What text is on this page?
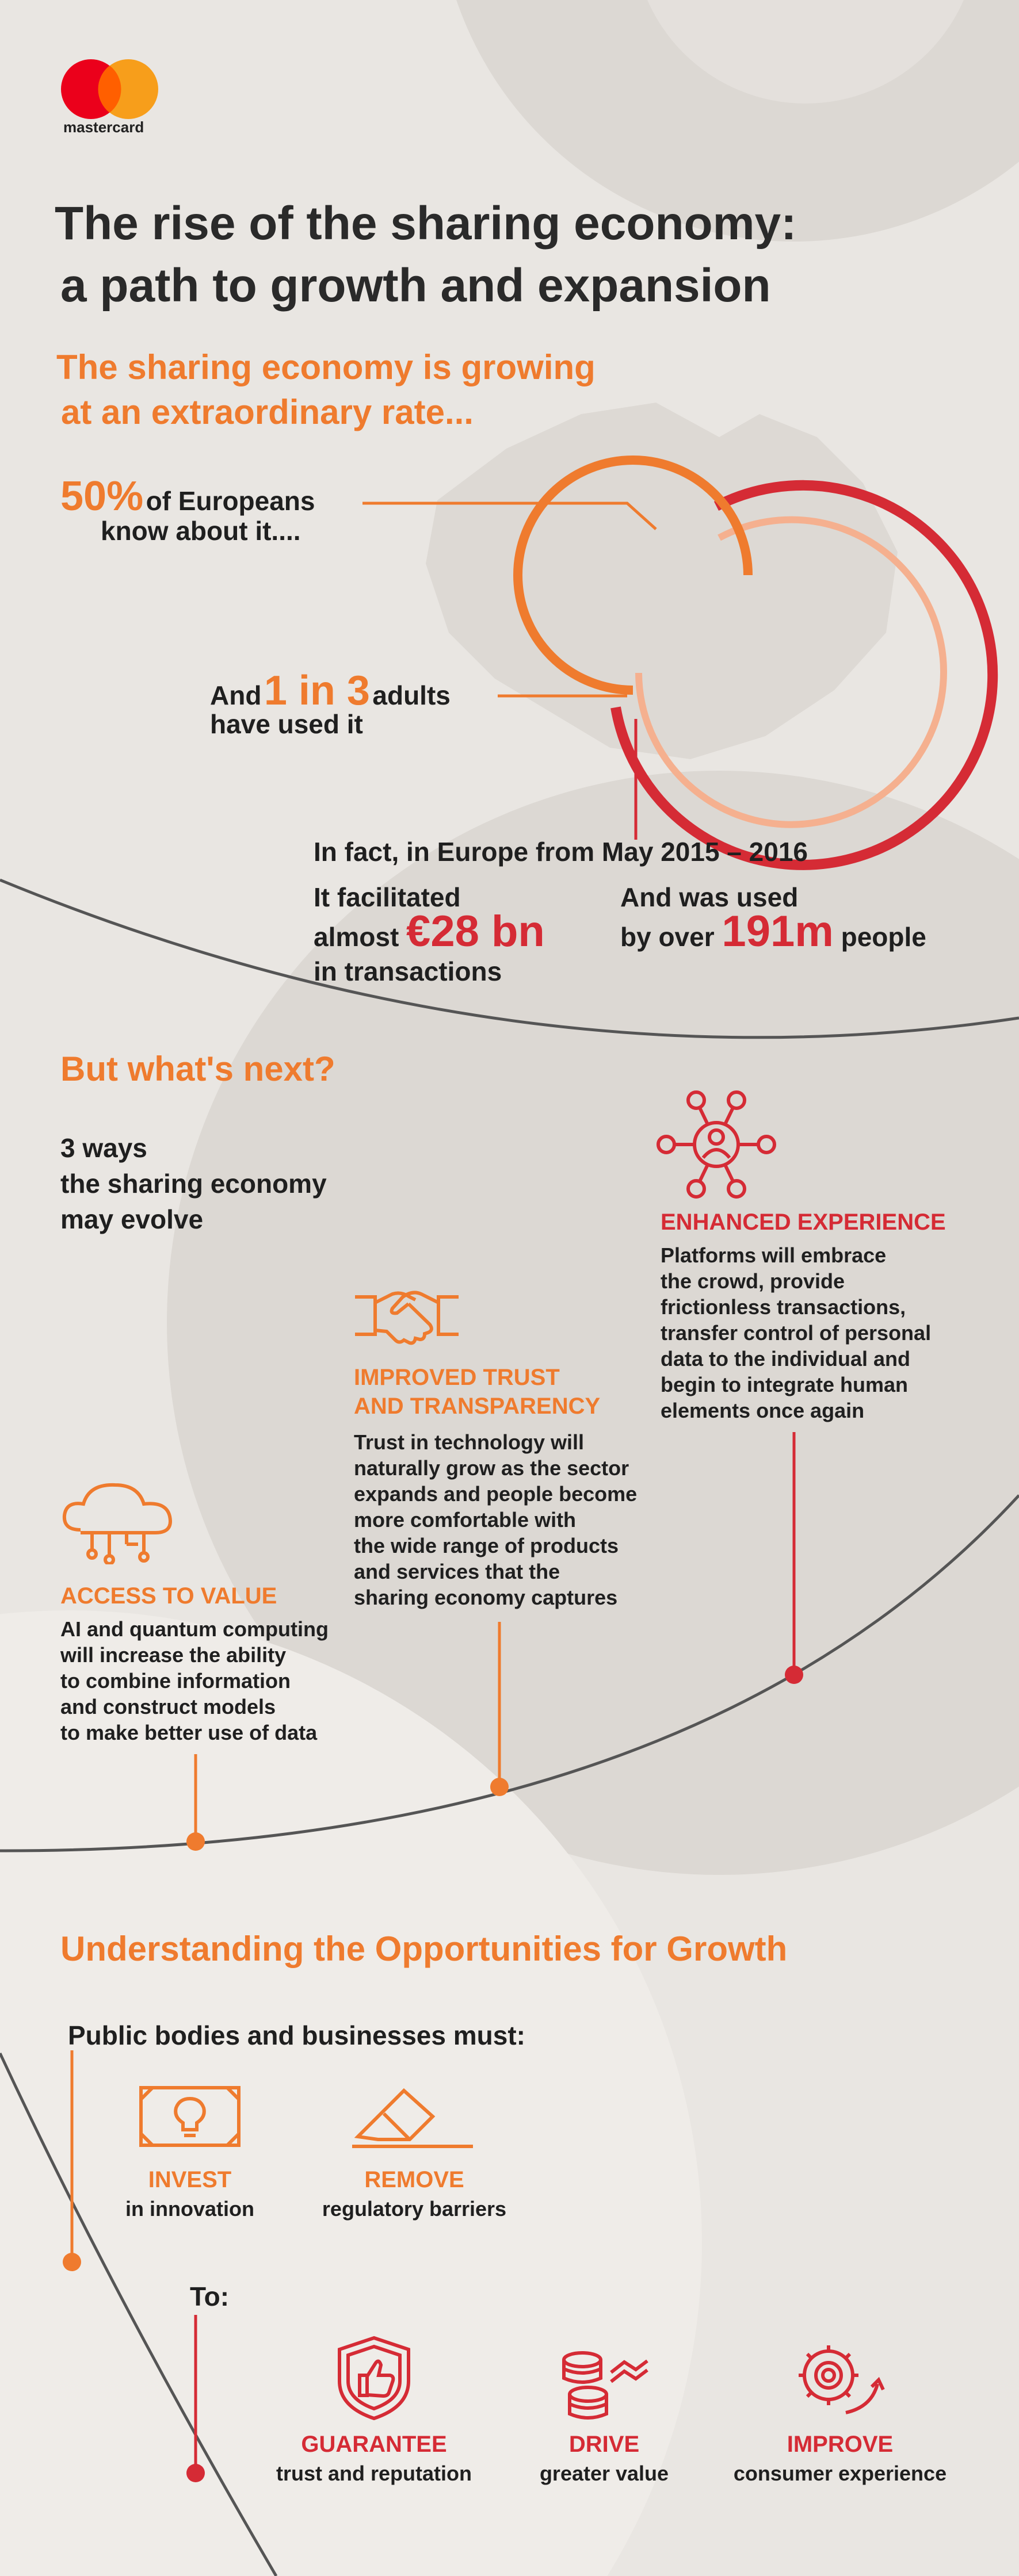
mastercard
The rise of the sharing economy:
a path to growth and expansion
The sharing economy is growing
at an extraordinary rate...
50% of Europeans
know about it....
And 1 in 3 adults
have used it
In fact, in Europe from May 2015 – 2016
It facilitated
almost €28 bn
in transactions
And was used
by over 191m people
But what's next?
3 ways
the sharing economy
may evolve
ACCESS TO VALUE
AI and quantum computing
will increase the ability
to combine information
and construct models
to make better use of data
IMPROVED TRUST
AND TRANSPARENCY
Trust in technology will
naturally grow as the sector
expands and people become
more comfortable with
the wide range of products
and services that the
sharing economy captures
ENHANCED EXPERIENCE
Platforms will embrace
the crowd, provide
frictionless transactions,
transfer control of personal
data to the individual and
begin to integrate human
elements once again
Understanding the Opportunities for Growth
Public bodies and businesses must:
INVEST
in innovation
REMOVE
regulatory barriers
To:
GUARANTEE
trust and reputation
DRIVE
greater value
IMPROVE
consumer experience
